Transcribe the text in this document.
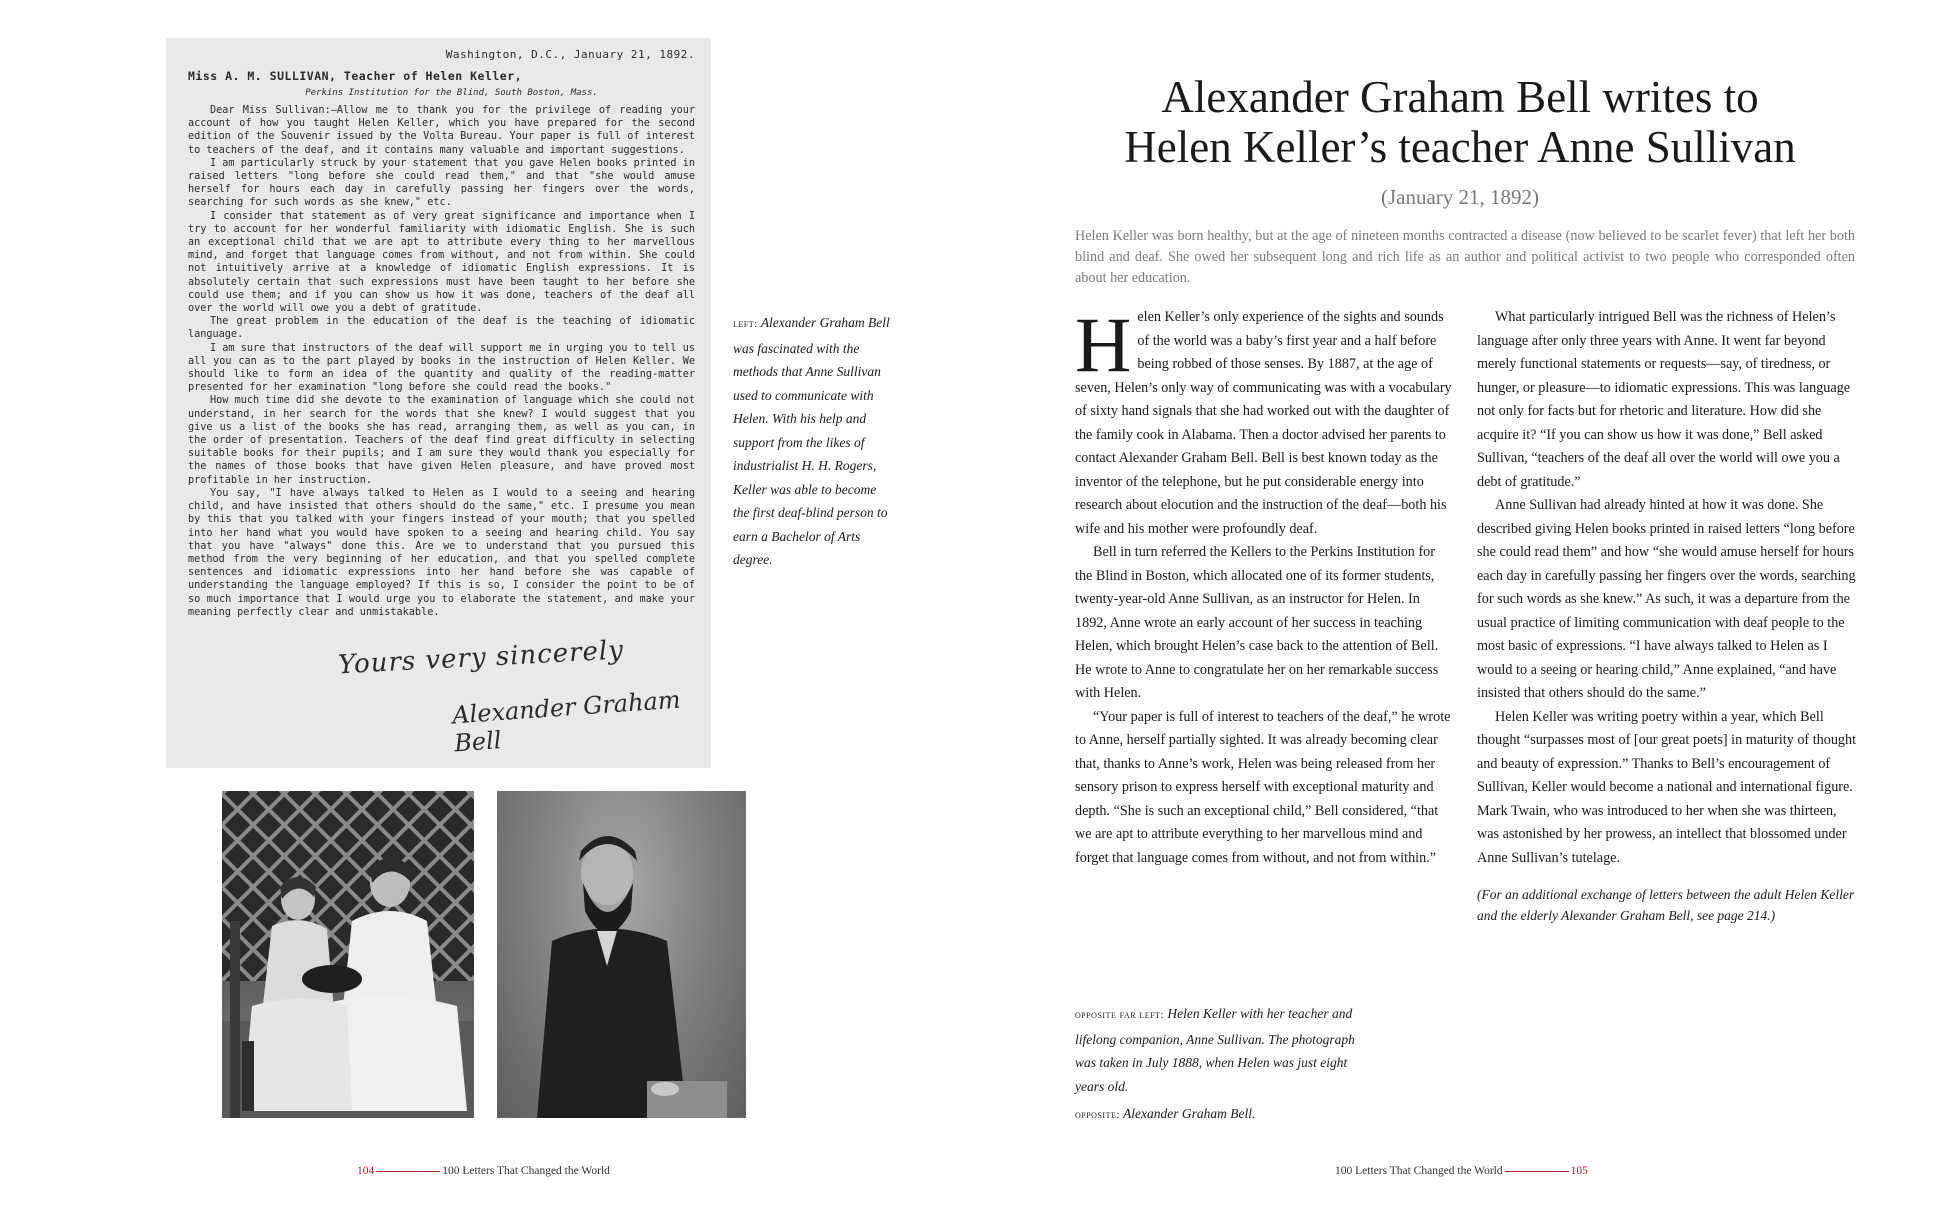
Washington, D.C., January 21, 1892.
Miss A. M. SULLIVAN, Teacher of Helen Keller,
Perkins Institution for the Blind, South Boston, Mass.

Dear Miss Sullivan:—Allow me to thank you for the privilege of reading your account of how you taught Helen Keller, which you have prepared for the second edition of the Souvenir issued by the Volta Bureau. Your paper is full of interest to teachers of the deaf, and it contains many valuable and important suggestions.

I am particularly struck by your statement that you gave Helen books printed in raised letters "long before she could read them," and that "she would amuse herself for hours each day in carefully passing her fingers over the words, searching for such words as she knew," etc.

I consider that statement as of very great significance and importance when I try to account for her wonderful familiarity with idiomatic English. She is such an exceptional child that we are apt to attribute every thing to her marvellous mind, and forget that language comes from without, and not from within. She could not intuitively arrive at a knowledge of idiomatic English expressions. It is absolutely certain that such expressions must have been taught to her before she could use them; and if you can show us how it was done, teachers of the deaf all over the world will owe you a debt of gratitude.

The great problem in the education of the deaf is the teaching of idiomatic language.

I am sure that instructors of the deaf will support me in urging you to tell us all you can as to the part played by books in the instruction of Helen Keller. We should like to form an idea of the quantity and quality of the reading-matter presented for her examination "long before she could read the books."

How much time did she devote to the examination of language which she could not understand, in her search for the words that she knew? I would suggest that you give us a list of the books she has read, arranging them, as well as you can, in the order of presentation. Teachers of the deaf find great difficulty in selecting suitable books for their pupils; and I am sure they would thank you especially for the names of those books that have given Helen pleasure, and have proved most profitable in her instruction.

You say, "I have always talked to Helen as I would to a seeing and hearing child, and have insisted that others should do the same," etc. I presume you mean by this that you talked with your fingers instead of your mouth; that you spelled into her hand what you would have spoken to a seeing and hearing child. You say that you have "always" done this. Are we to understand that you pursued this method from the very beginning of her education, and that you spelled complete sentences and idiomatic expressions into her hand before she was capable of understanding the language employed? If this is so, I consider the point to be of so much importance that I would urge you to elaborate the statement, and make your meaning perfectly clear and unmistakable.

Yours very sincerely
Alexander Graham Bell
left: Alexander Graham Bell was fascinated with the methods that Anne Sullivan used to communicate with Helen. With his help and support from the likes of industrialist H. H. Rogers, Keller was able to become the first deaf-blind person to earn a Bachelor of Arts degree.
104	100 Letters That Changed the World
Alexander Graham Bell writes to
Helen Keller’s teacher Anne Sullivan
(January 21, 1892)
Helen Keller was born healthy, but at the age of nineteen months contracted a disease (now believed to be scarlet fever) that left her both blind and deaf. She owed her subsequent long and rich life as an author and political activist to two people who corresponded often about her education.

Helen Keller’s only experience of the sights and sounds of the world was a baby’s first year and a half before being robbed of those senses. By 1887, at the age of seven, Helen’s only way of communicating was with a vocabulary of sixty hand signals that she had worked out with the daughter of the family cook in Alabama. Then a doctor advised her parents to contact Alexander Graham Bell. Bell is best known today as the inventor of the telephone, but he put considerable energy into research about elocution and the instruction of the deaf—both his wife and his mother were profoundly deaf.

Bell in turn referred the Kellers to the Perkins Institution for the Blind in Boston, which allocated one of its former students, twenty-year-old Anne Sullivan, as an instructor for Helen. In 1892, Anne wrote an early account of her success in teaching Helen, which brought Helen’s case back to the attention of Bell. He wrote to Anne to congratulate her on her remarkable success with Helen.

“Your paper is full of interest to teachers of the deaf,” he wrote to Anne, herself partially sighted. It was already becoming clear that, thanks to Anne’s work, Helen was being released from her sensory prison to express herself with exceptional maturity and depth. “She is such an exceptional child,” Bell considered, “that we are apt to attribute everything to her marvellous mind and forget that language comes from without, and not from within.”

What particularly intrigued Bell was the richness of Helen’s language after only three years with Anne. It went far beyond merely functional statements or requests—say, of tiredness, or hunger, or pleasure—to idiomatic expressions. This was language not only for facts but for rhetoric and literature. How did she acquire it? “If you can show us how it was done,” Bell asked Sullivan, “teachers of the deaf all over the world will owe you a debt of gratitude.”

Anne Sullivan had already hinted at how it was done. She described giving Helen books printed in raised letters “long before she could read them” and how “she would amuse herself for hours each day in carefully passing her fingers over the words, searching for such words as she knew.” As such, it was a departure from the usual practice of limiting communication with deaf people to the most basic of expressions. “I have always talked to Helen as I would to a seeing or hearing child,” Anne explained, “and have insisted that others should do the same.”

Helen Keller was writing poetry within a year, which Bell thought “surpasses most of [our great poets] in maturity of thought and beauty of expression.” Thanks to Bell’s encouragement of Sullivan, Keller would become a national and international figure. Mark Twain, who was introduced to her when she was thirteen, was astonished by her prowess, an intellect that blossomed under Anne Sullivan’s tutelage.

(For an additional exchange of letters between the adult Helen Keller and the elderly Alexander Graham Bell, see page 214.)

opposite far left: Helen Keller with her teacher and lifelong companion, Anne Sullivan. The photograph was taken in July 1888, when Helen was just eight years old.
opposite: Alexander Graham Bell.
100 Letters That Changed the World	105
